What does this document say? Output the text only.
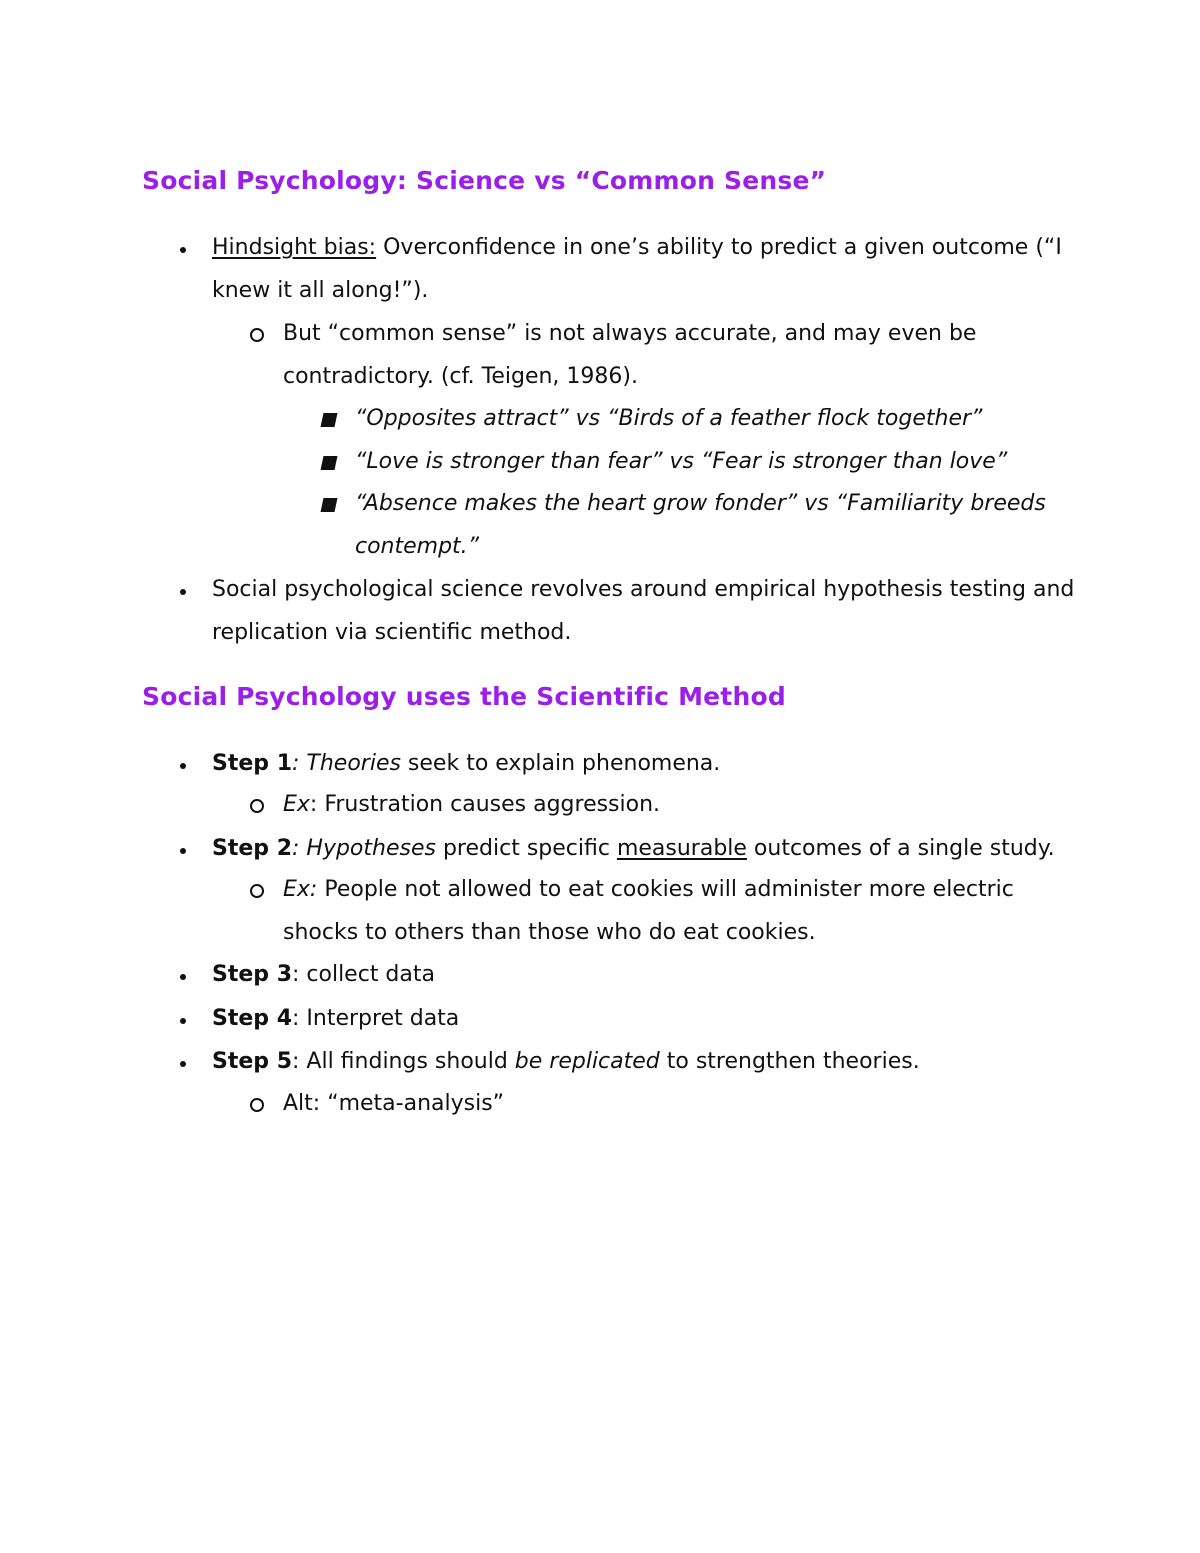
Social Psychology: Science vs “Common Sense”
Hindsight bias: Overconfidence in one’s ability to predict a given outcome (“I
knew it all along!”).
But “common sense” is not always accurate, and may even be
contradictory. (cf. Teigen, 1986).
“Opposites attract” vs “Birds of a feather flock together”
“Love is stronger than fear” vs “Fear is stronger than love”
“Absence makes the heart grow fonder” vs “Familiarity breeds
contempt.”
Social psychological science revolves around empirical hypothesis testing and
replication via scientific method.
Social Psychology uses the Scientific Method
Step 1: Theories seek to explain phenomena.
Ex: Frustration causes aggression.
Step 2: Hypotheses predict specific measurable outcomes of a single study.
Ex: People not allowed to eat cookies will administer more electric
shocks to others than those who do eat cookies.
Step 3: collect data
Step 4: Interpret data
Step 5: All findings should be replicated to strengthen theories.
Alt: “meta-analysis”
